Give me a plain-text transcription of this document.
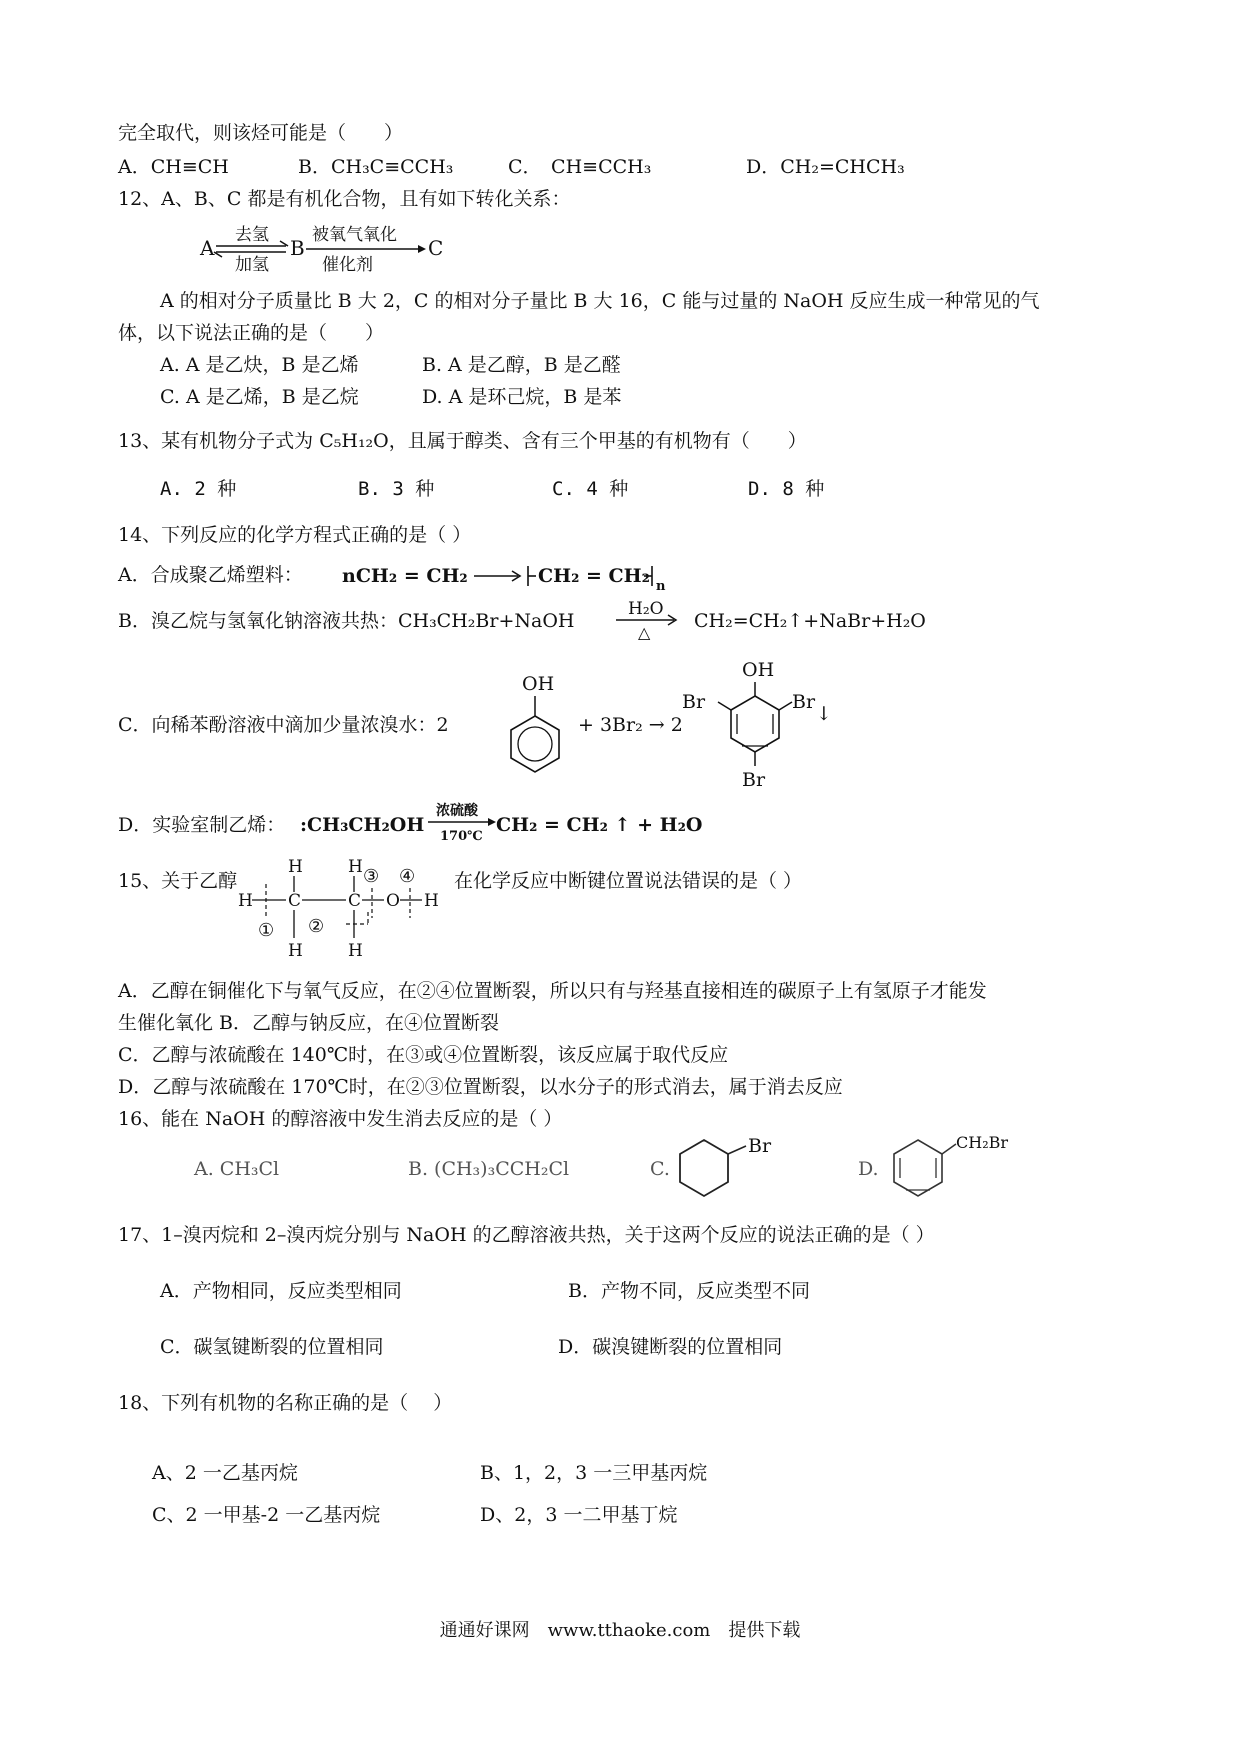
完全取代，则该烃可能是（　　）
A．CH≡CH	B．CH₃C≡CCH₃	C．　CH≡CCH₃	D．CH₂=CHCH₃
12、A、B、C 都是有机化合物，且有如下转化关系：
A
去氢
加氢
B
被氧气氧化
催化剂
C
A 的相对分子质量比 B 大 2，C 的相对分子量比 B 大 16，C 能与过量的 NaOH 反应生成一种常见的气
体，以下说法正确的是（　　）
A. A 是乙炔，B 是乙烯	B. A 是乙醇，B 是乙醛
C. A 是乙烯，B 是乙烷	D. A 是环己烷，B 是苯
13、某有机物分子式为 C₅H₁₂O，且属于醇类、含有三个甲基的有机物有（　　）
A. 2 种	B. 3 种	C. 4 种	D. 8 种
14、下列反应的化学方程式正确的是（ ）
A．合成聚乙烯塑料： nCH₂ = CH₂	CH₂ = CH₂ n
B．溴乙烷与氢氧化钠溶液共热：CH₃CH₂Br+NaOH
H₂O
△
CH₂=CH₂↑+NaBr+H₂O
C．向稀苯酚溶液中滴加少量浓溴水：2
OH
+ 3Br₂ → 2
OH
Br	Br
↓
Br
D．实验室制乙烯： :CH₃CH₂OH
浓硫酸
170℃
CH₂ = CH₂ ↑ + H₂O
15、关于乙醇
H	H ③ ④
H C	C O H
① ②
H	H
在化学反应中断键位置说法错误的是（ ）
A．乙醇在铜催化下与氧气反应，在②④位置断裂，所以只有与羟基直接相连的碳原子上有氢原子才能发
生催化氧化 B．乙醇与钠反应，在④位置断裂
C．乙醇与浓硫酸在 140℃时，在③或④位置断裂，该反应属于取代反应
D．乙醇与浓硫酸在 170℃时，在②③位置断裂，以水分子的形式消去，属于消去反应
16、能在 NaOH 的醇溶液中发生消去反应的是（ ）
A. CH₃Cl	B. (CH₃)₃CCH₂Cl	C.
Br
D.
CH₂Br
17、1–溴丙烷和 2–溴丙烷分别与 NaOH 的乙醇溶液共热，关于这两个反应的说法正确的是（ ）
A．产物相同，反应类型相同	B．产物不同，反应类型不同
C．碳氢键断裂的位置相同	D．碳溴键断裂的位置相同
18、下列有机物的名称正确的是（　 ）
A、2 一乙基丙烷	B、1，2，3 一三甲基丙烷
C、2 一甲基-2 一乙基丙烷	D、2，3 一二甲基丁烷
通通好课网　www.tthaoke.com　提供下载
